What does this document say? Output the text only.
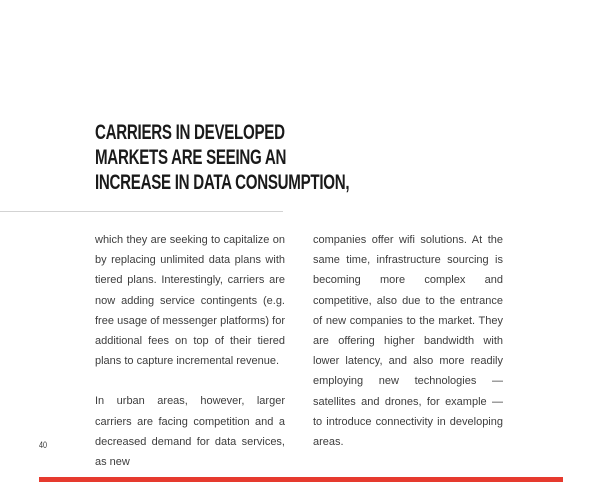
CARRIERS IN DEVELOPED
MARKETS ARE SEEING AN
INCREASE IN DATA CONSUMPTION,

which they are seeking to capitalize on by replacing unlimited data plans with tiered plans. Interestingly, carriers are now adding service contingents (e.g. free usage of messenger platforms) for additional fees on top of their tiered plans to capture incremental revenue.

In urban areas, however, larger carriers are facing competition and a decreased demand for data services, as new

companies offer wifi solutions. At the same time, infrastructure sourcing is becoming more complex and competitive, also due to the entrance of new companies to the market. They are offering higher bandwidth with lower latency, and also more readily employing new technologies — satellites and drones, for example — to introduce connectivity in developing areas.

40
